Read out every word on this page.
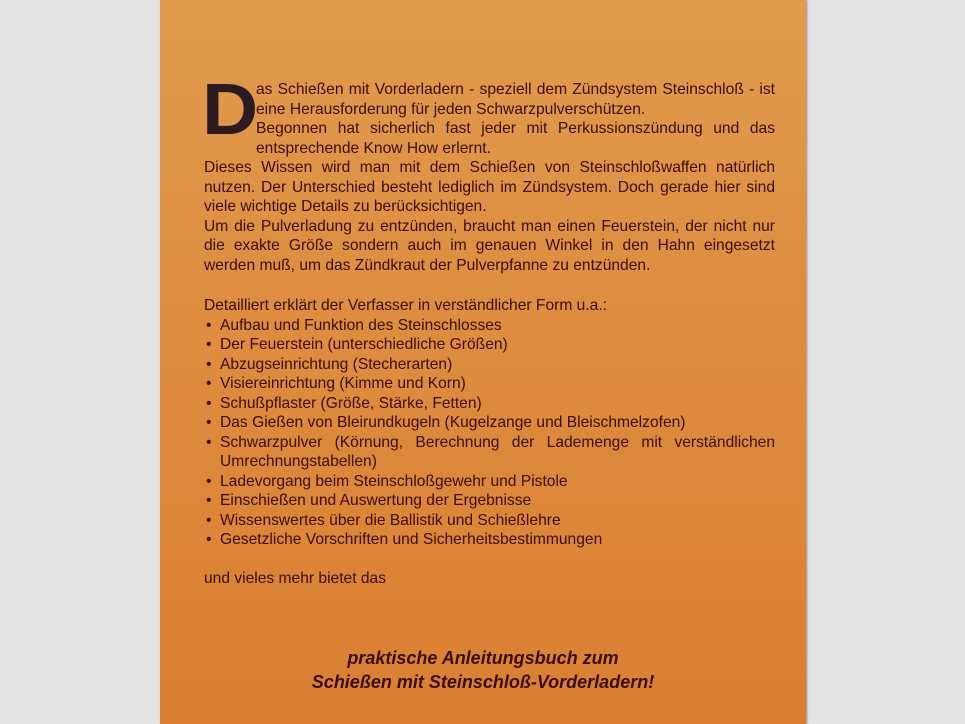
Das Schießen mit Vorderladern - speziell dem Zündsystem Steinschloß - ist eine Herausforderung für jeden Schwarzpulverschützen.

Begonnen hat sicherlich fast jeder mit Perkussionszündung und das entsprechende Know How erlernt.

Dieses Wissen wird man mit dem Schießen von Steinschloßwaffen natürlich nutzen. Der Unterschied besteht lediglich im Zündsystem. Doch gerade hier sind viele wichtige Details zu berücksichtigen.

Um die Pulverladung zu entzünden, braucht man einen Feuerstein, der nicht nur die exakte Größe sondern auch im genauen Winkel in den Hahn eingesetzt werden muß, um das Zündkraut der Pulverpfanne zu entzünden.

Detailliert erklärt der Verfasser in verständlicher Form u.a.:

• Aufbau und Funktion des Steinschlosses
• Der Feuerstein (unterschiedliche Größen)
• Abzugseinrichtung (Stecherarten)
• Visiereinrichtung (Kimme und Korn)
• Schußpflaster (Größe, Stärke, Fetten)
• Das Gießen von Bleirundkugeln (Kugelzange und Bleischmelzofen)
• Schwarzpulver (Körnung, Berechnung der Lademenge mit verständlichen Umrechnungstabellen)
• Ladevorgang beim Steinschloßgewehr und Pistole
• Einschießen und Auswertung der Ergebnisse
• Wissenswertes über die Ballistik und Schießlehre
• Gesetzliche Vorschriften und Sicherheitsbestimmungen

und vieles mehr bietet das

praktische Anleitungsbuch zum
Schießen mit Steinschloß-Vorderladern!
